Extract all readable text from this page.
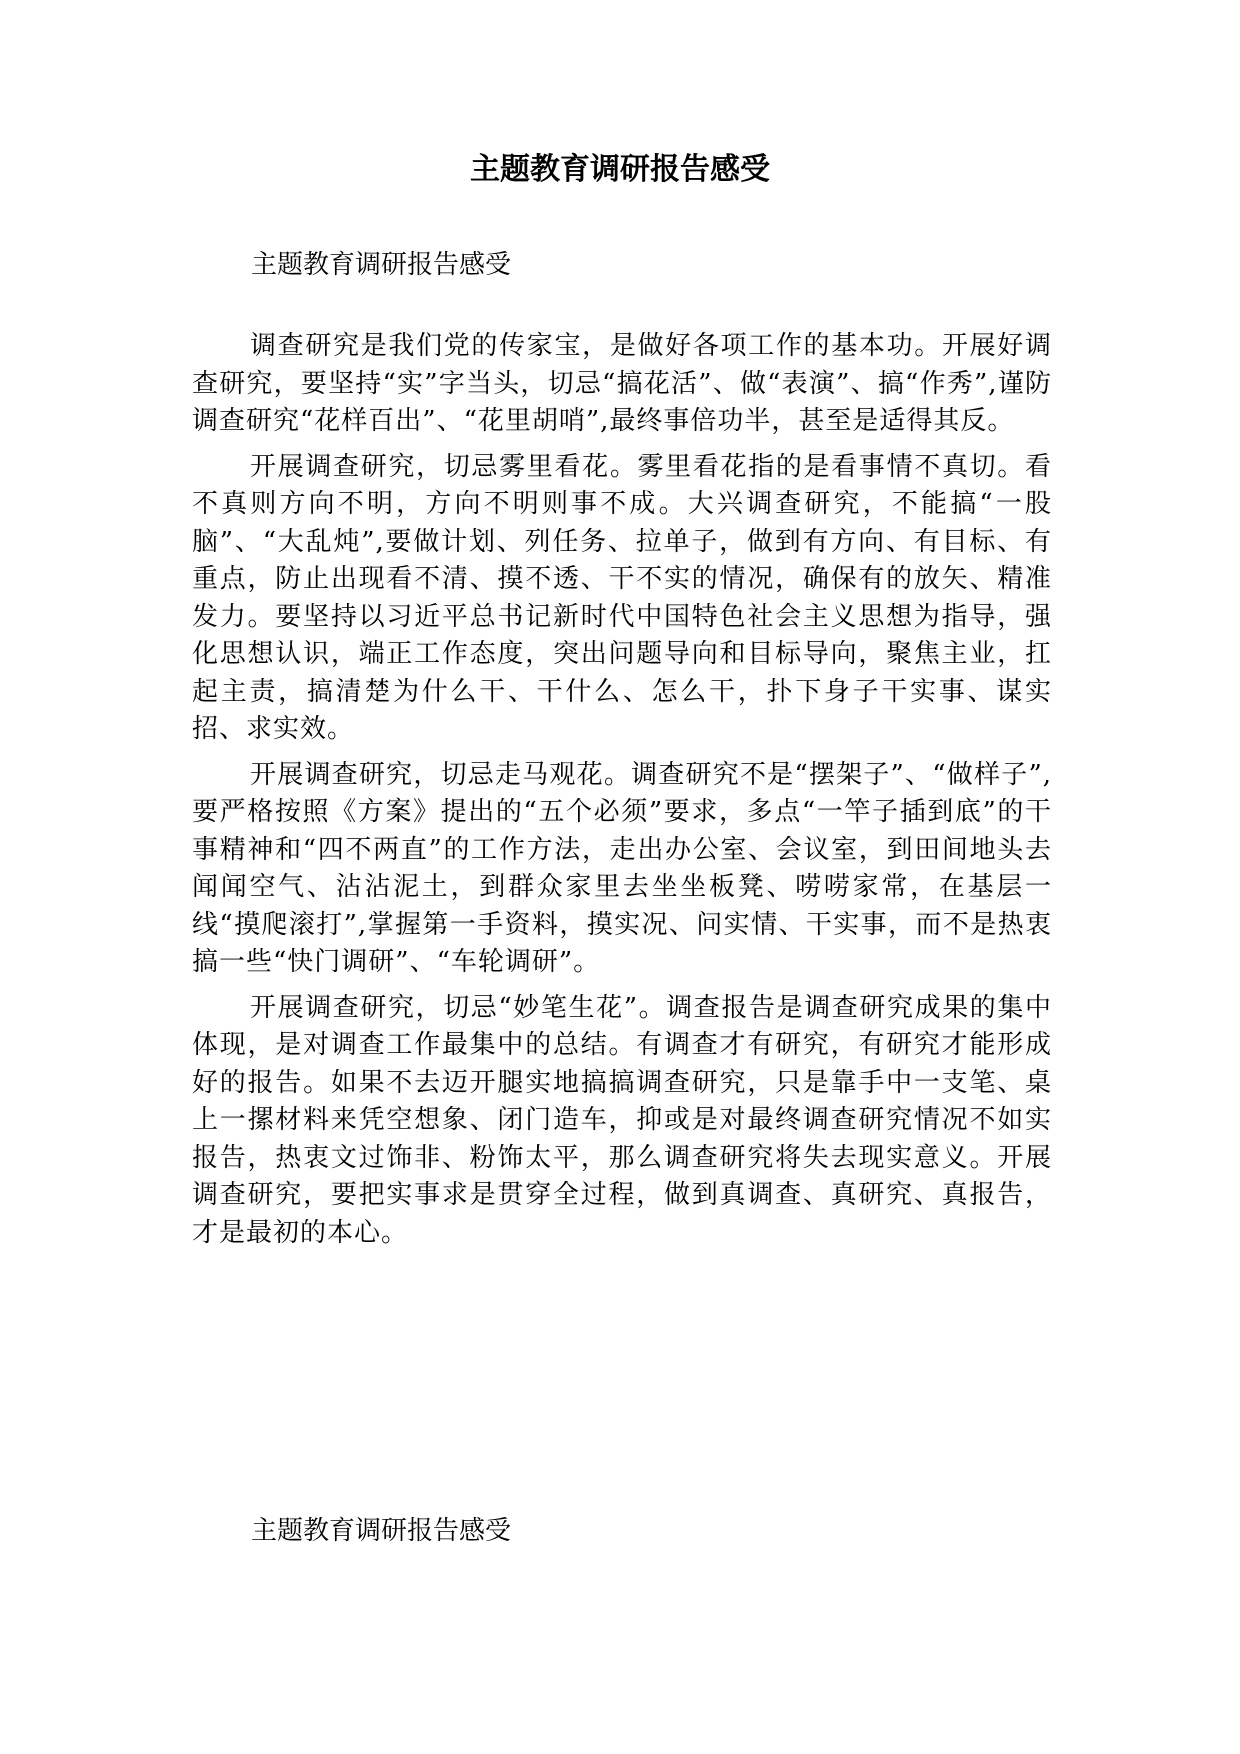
主题教育调研报告感受

主题教育调研报告感受

调查研究是我们党的传家宝，是做好各项工作的基本功。开展好调查研究，要坚持“实”字当头，切忌“搞花活”、做“表演”、搞“作秀”,谨防调查研究“花样百出”、“花里胡哨”,最终事倍功半，甚至是适得其反。

开展调查研究，切忌雾里看花。雾里看花指的是看事情不真切。看不真则方向不明，方向不明则事不成。大兴调查研究，不能搞“一股脑”、“大乱炖”,要做计划、列任务、拉单子，做到有方向、有目标、有重点，防止出现看不清、摸不透、干不实的情况，确保有的放矢、精准发力。要坚持以习近平总书记新时代中国特色社会主义思想为指导，强化思想认识，端正工作态度，突出问题导向和目标导向，聚焦主业，扛起主责，搞清楚为什么干、干什么、怎么干，扑下身子干实事、谋实招、求实效。

开展调查研究，切忌走马观花。调查研究不是“摆架子”、“做样子”,要严格按照《方案》提出的“五个必须”要求，多点“一竿子插到底”的干事精神和“四不两直”的工作方法，走出办公室、会议室，到田间地头去闻闻空气、沾沾泥土，到群众家里去坐坐板凳、唠唠家常，在基层一线“摸爬滚打”,掌握第一手资料，摸实况、问实情、干实事，而不是热衷搞一些“快门调研”、“车轮调研”。

开展调查研究，切忌“妙笔生花”。调查报告是调查研究成果的集中体现，是对调查工作最集中的总结。有调查才有研究，有研究才能形成好的报告。如果不去迈开腿实地搞搞调查研究，只是靠手中一支笔、桌上一摞材料来凭空想象、闭门造车，抑或是对最终调查研究情况不如实报告，热衷文过饰非、粉饰太平，那么调查研究将失去现实意义。开展调查研究，要把实事求是贯穿全过程，做到真调查、真研究、真报告，才是最初的本心。

主题教育调研报告感受
